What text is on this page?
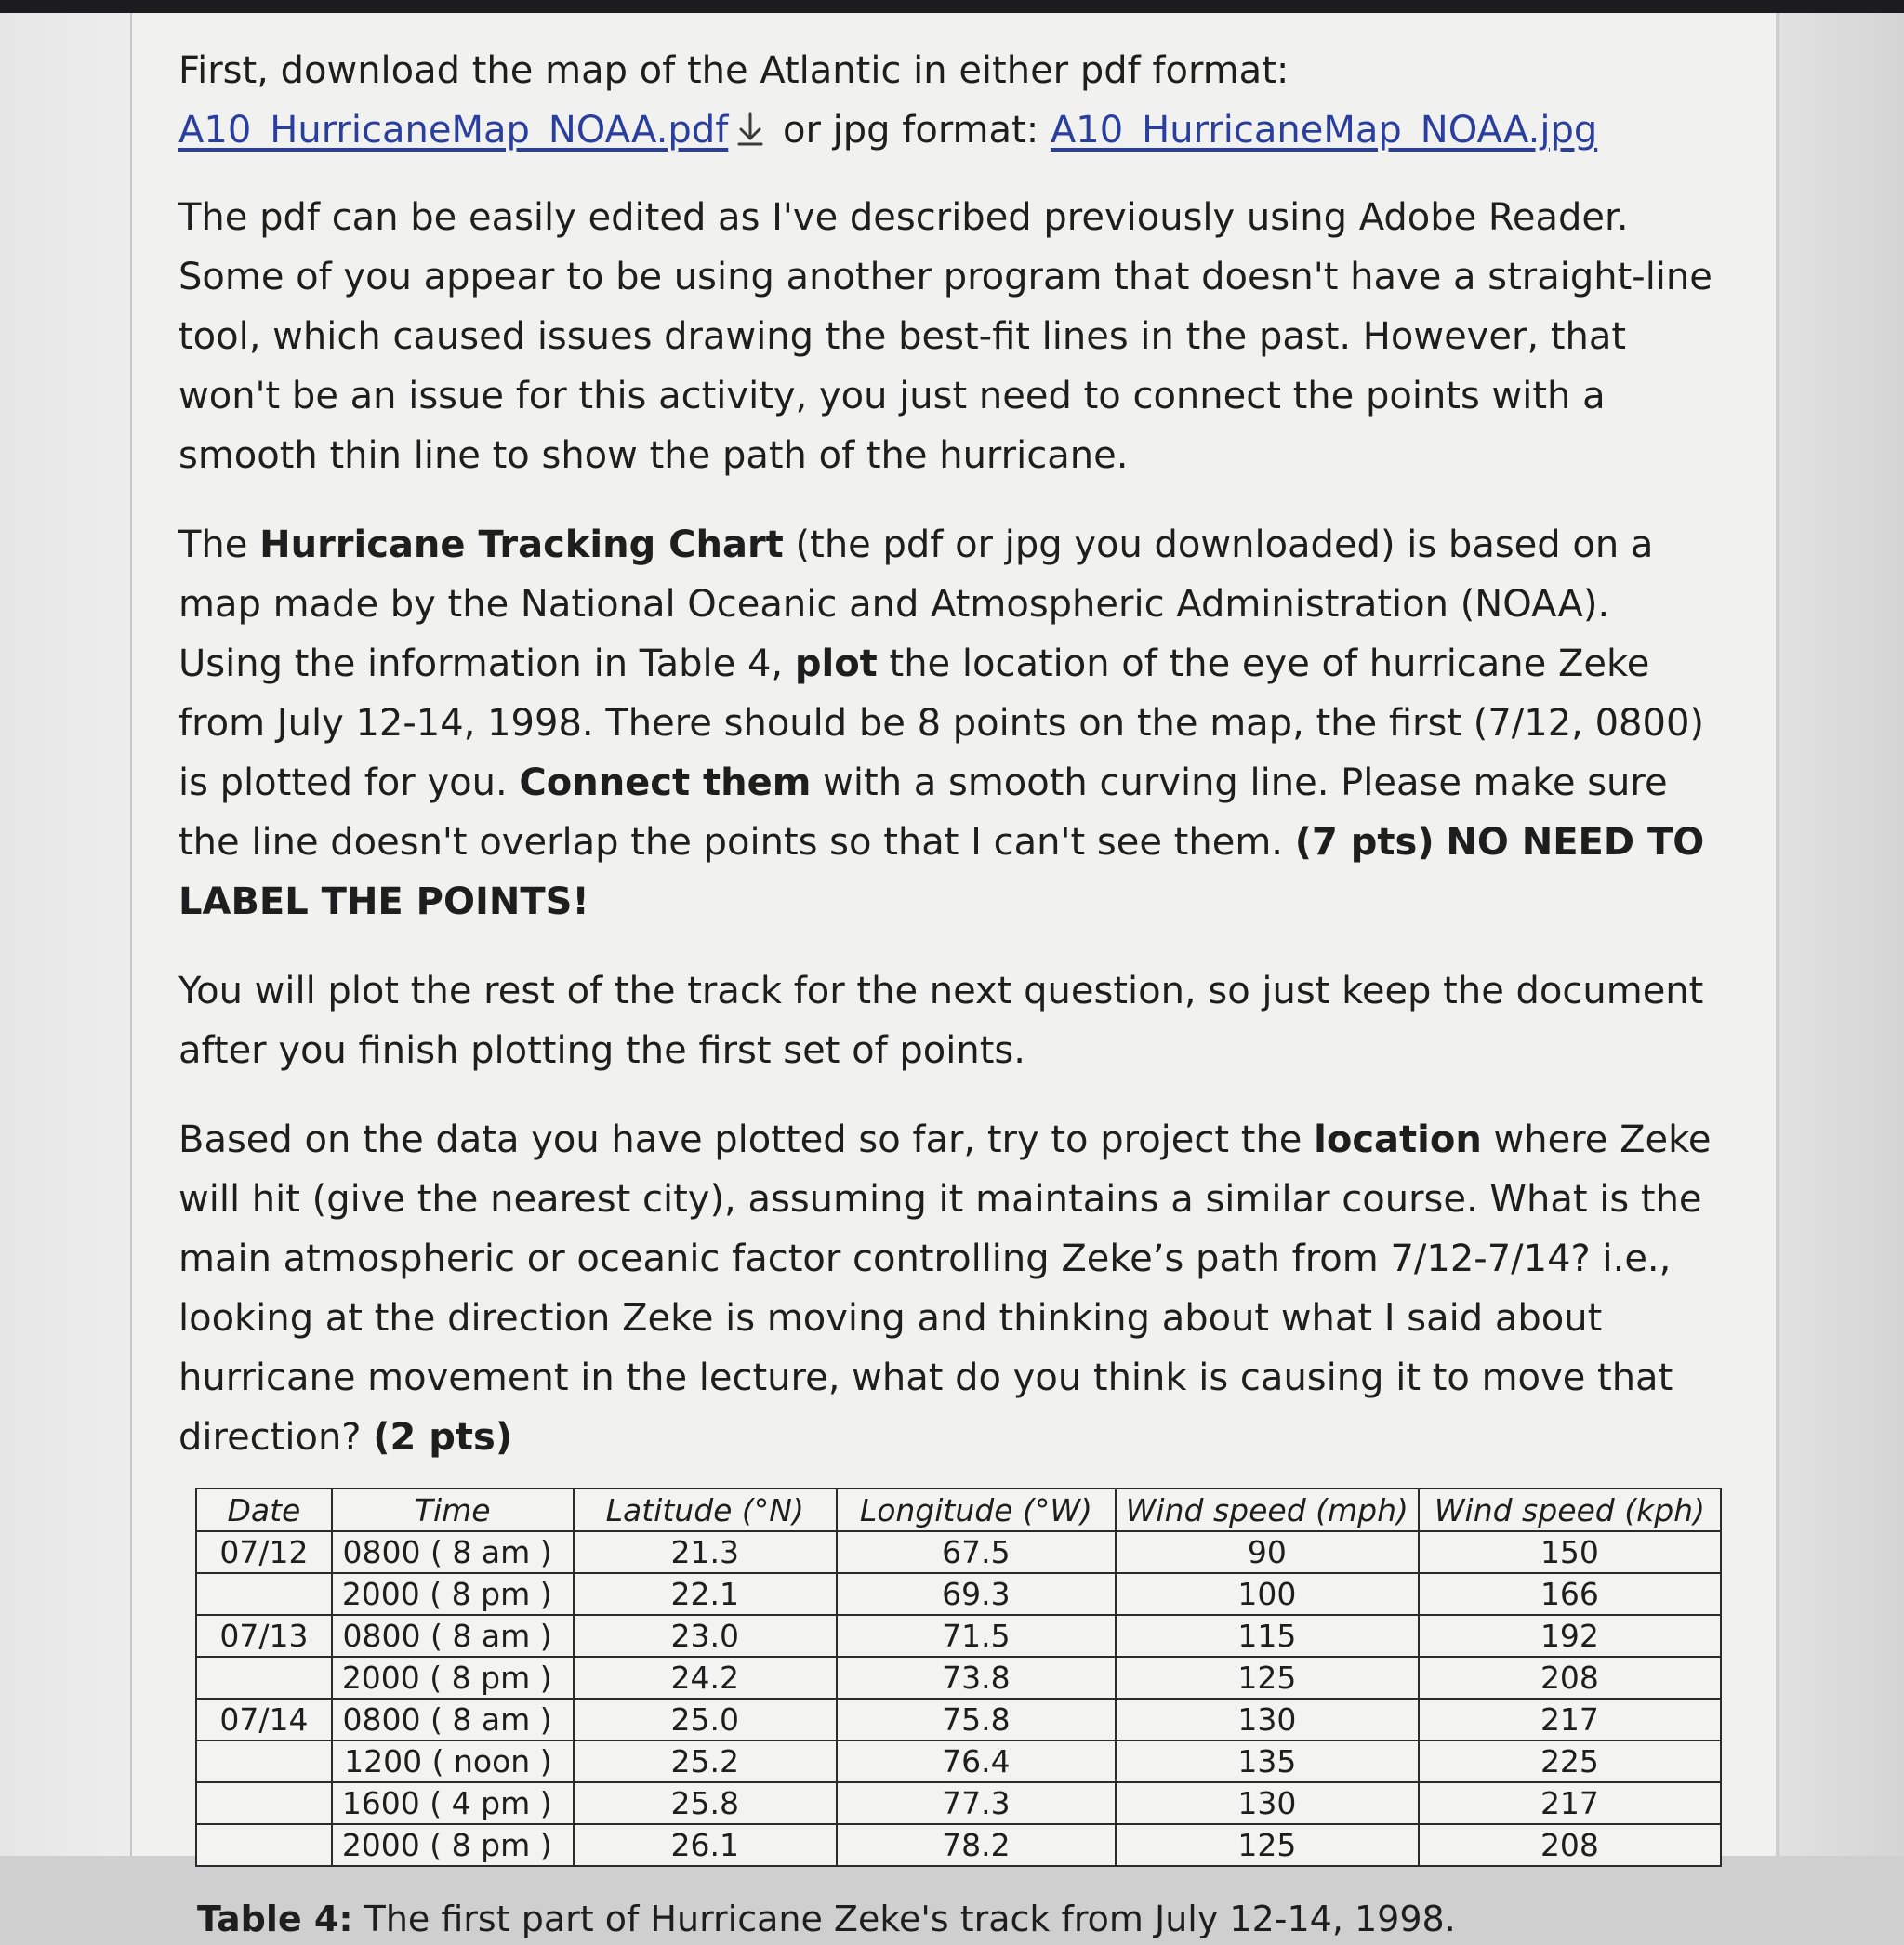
First, download the map of the Atlantic in either pdf format:
A10_HurricaneMap_NOAA.pdf or jpg format: A10_HurricaneMap_NOAA.jpg

The pdf can be easily edited as I've described previously using Adobe Reader. Some of you appear to be using another program that doesn't have a straight-line tool, which caused issues drawing the best-fit lines in the past. However, that won't be an issue for this activity, you just need to connect the points with a smooth thin line to show the path of the hurricane.

The Hurricane Tracking Chart (the pdf or jpg you downloaded) is based on a map made by the National Oceanic and Atmospheric Administration (NOAA). Using the information in Table 4, plot the location of the eye of hurricane Zeke from July 12-14, 1998. There should be 8 points on the map, the first (7/12, 0800) is plotted for you. Connect them with a smooth curving line. Please make sure the line doesn't overlap the points so that I can't see them. (7 pts) NO NEED TO LABEL THE POINTS!

You will plot the rest of the track for the next question, so just keep the document after you finish plotting the first set of points.

Based on the data you have plotted so far, try to project the location where Zeke will hit (give the nearest city), assuming it maintains a similar course. What is the main atmospheric or oceanic factor controlling Zeke’s path from 7/12-7/14? i.e., looking at the direction Zeke is moving and thinking about what I said about hurricane movement in the lecture, what do you think is causing it to move that direction? (2 pts)

Date	Time	Latitude (°N)	Longitude (°W)	Wind speed (mph)	Wind speed (kph)
07/12	0800 ( 8 am )	21.3	67.5	90	150
	2000 ( 8 pm )	22.1	69.3	100	166
07/13	0800 ( 8 am )	23.0	71.5	115	192
	2000 ( 8 pm )	24.2	73.8	125	208
07/14	0800 ( 8 am )	25.0	75.8	130	217
	1200 ( noon )	25.2	76.4	135	225
	1600 ( 4 pm )	25.8	77.3	130	217
	2000 ( 8 pm )	26.1	78.2	125	208

Table 4: The first part of Hurricane Zeke's track from July 12-14, 1998.
